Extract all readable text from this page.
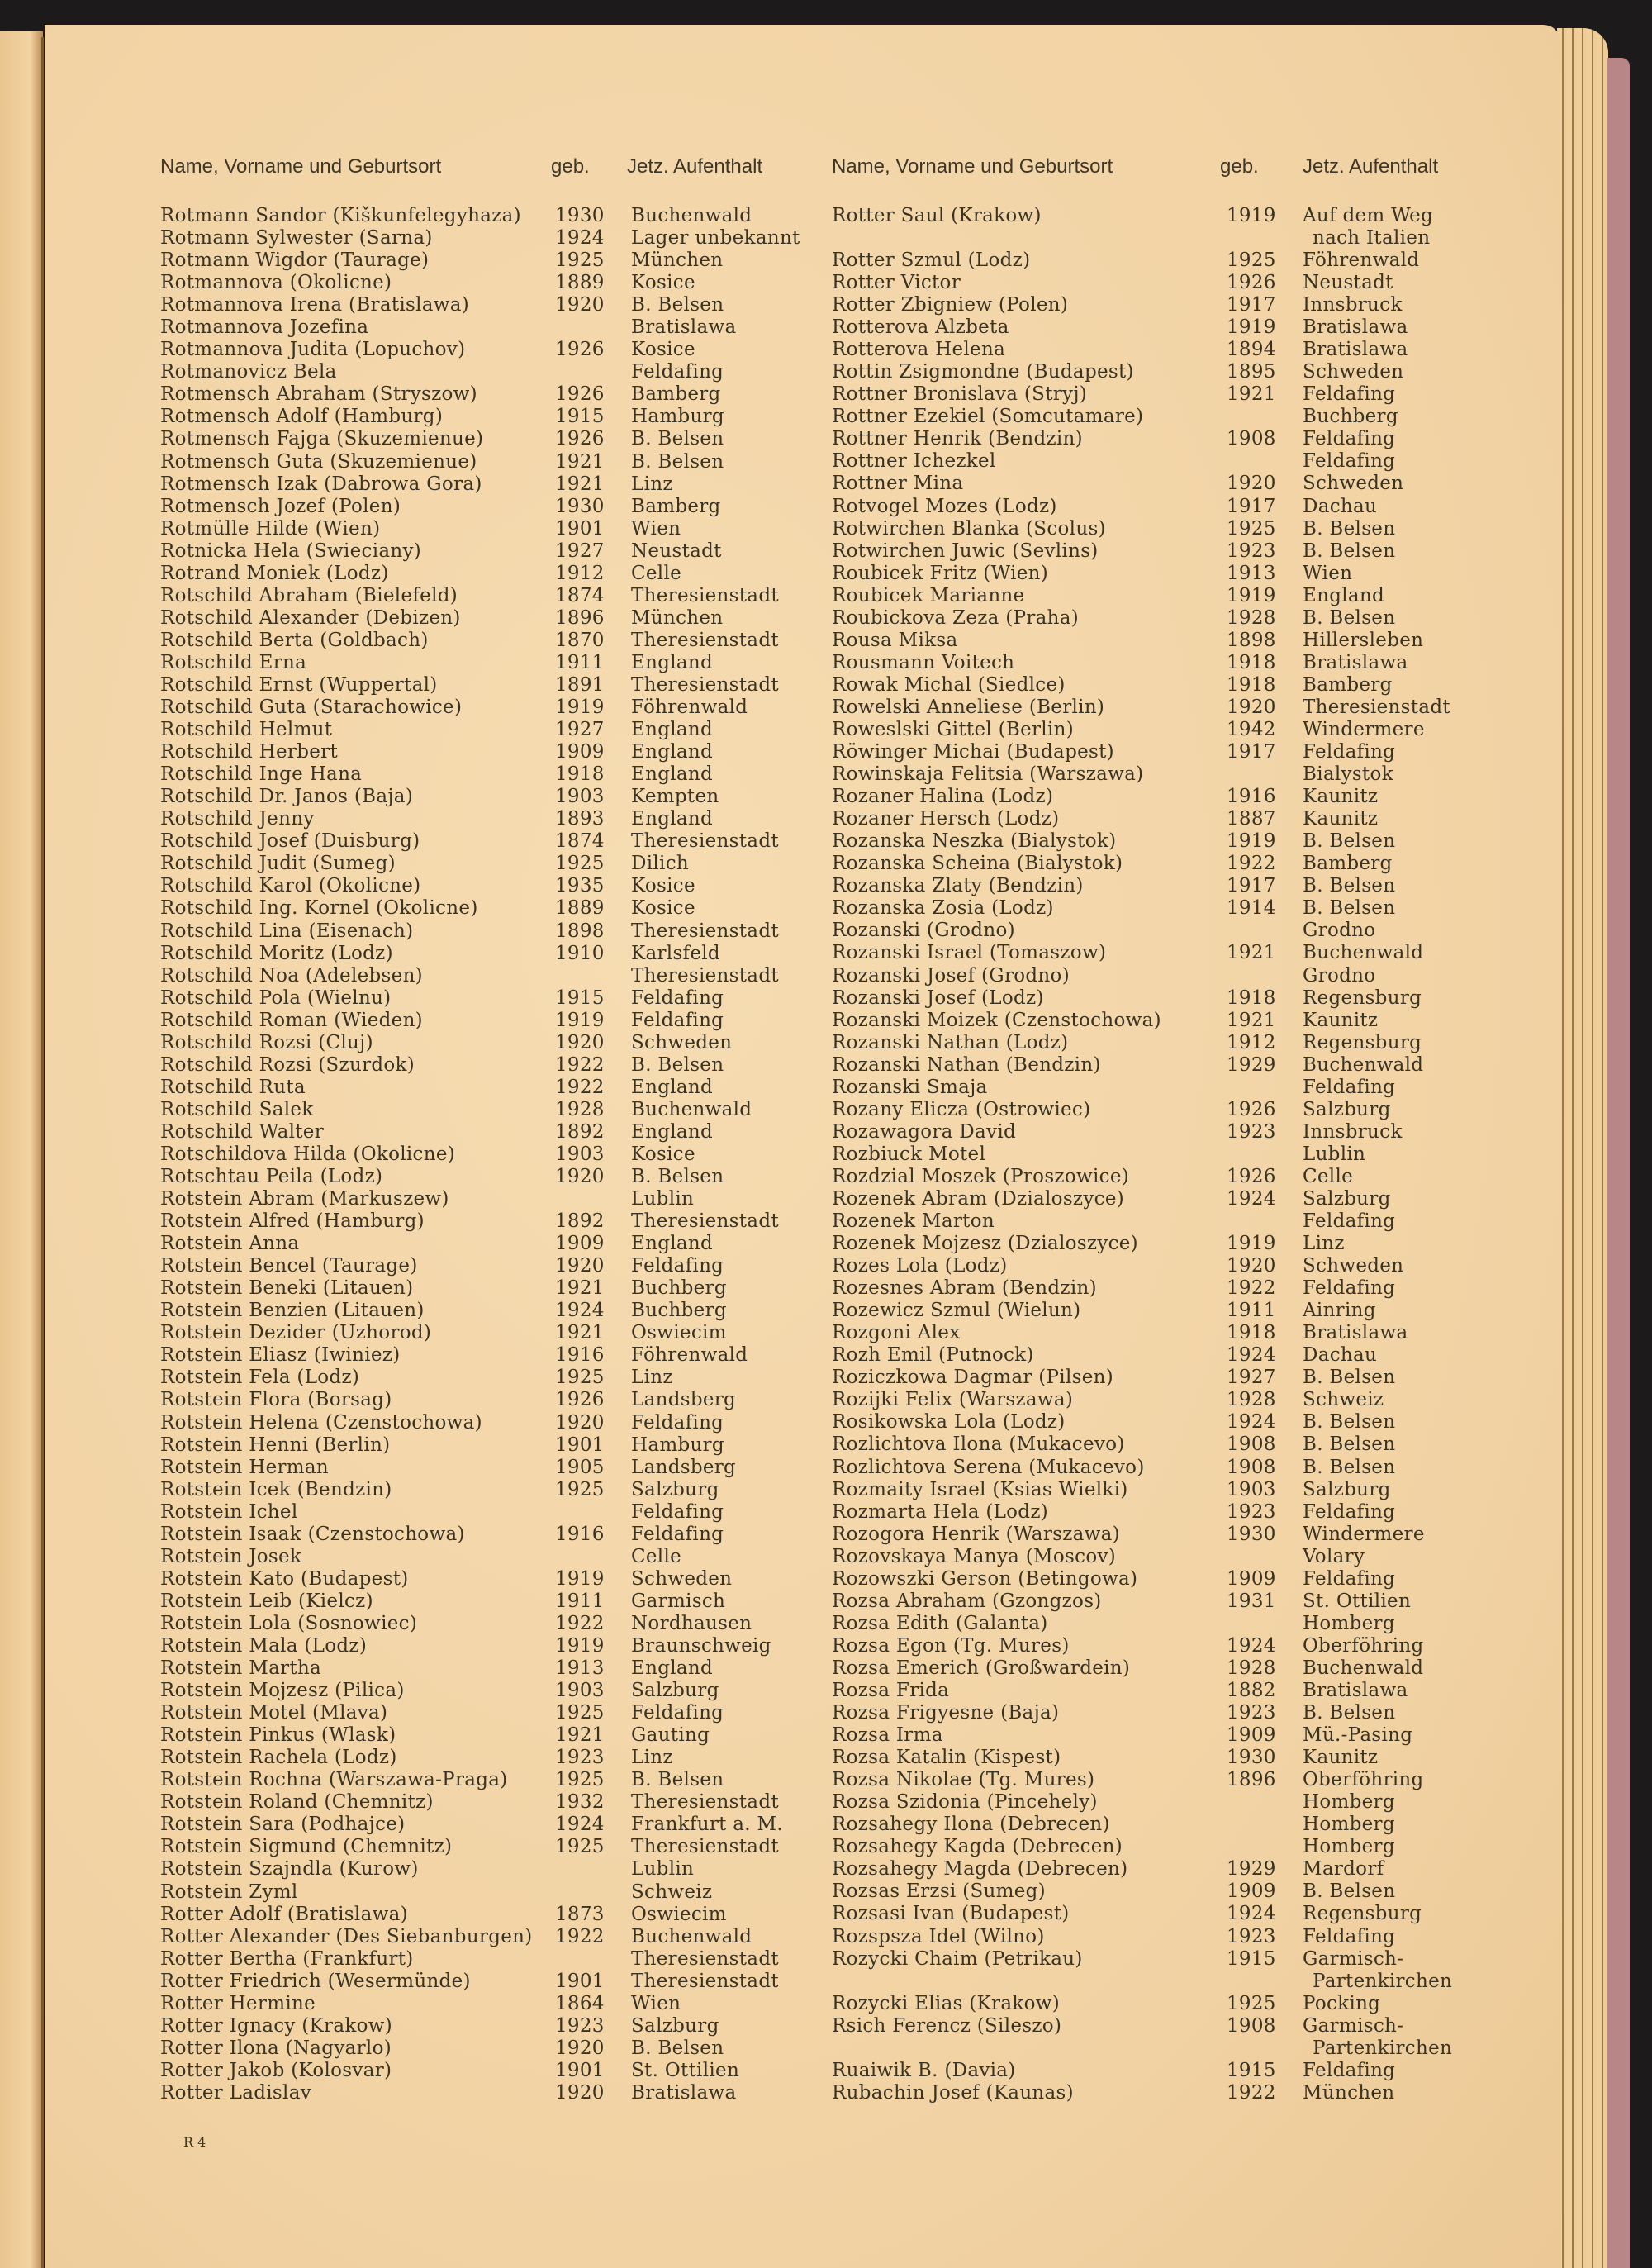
Name, Vorname und Geburtsort	geb. Jetz. Aufenthalt
Rotmann Sandor (Kiškunfelegyhaza) 1930 Buchenwald
Rotmann Sylwester (Sarna)	1924 Lager unbekannt
Rotmann Wigdor (Taurage)	1925 München
Rotmannova (Okolicne)	1889 Kosice
Rotmannova Irena (Bratislawa)	1920 B. Belsen
Rotmannova Jozefina	Bratislawa
Rotmannova Judita (Lopuchov)	1926 Kosice
Rotmanovicz Bela	Feldafing
Rotmensch Abraham (Stryszow)	1926 Bamberg
Rotmensch Adolf (Hamburg)	1915 Hamburg
Rotmensch Fajga (Skuzemienue)	1926 B. Belsen
Rotmensch Guta (Skuzemienue)	1921 B. Belsen
Rotmensch Izak (Dabrowa Gora)	1921 Linz
Rotmensch Jozef (Polen)	1930 Bamberg
Rotmülle Hilde (Wien)	1901 Wien
Rotnicka Hela (Swieciany)	1927 Neustadt
Rotrand Moniek (Lodz)	1912 Celle
Rotschild Abraham (Bielefeld)	1874 Theresienstadt
Rotschild Alexander (Debizen)	1896 München
Rotschild Berta (Goldbach)	1870 Theresienstadt
Rotschild Erna	1911 England
Rotschild Ernst (Wuppertal)	1891 Theresienstadt
Rotschild Guta (Starachowice)	1919 Föhrenwald
Rotschild Helmut	1927 England
Rotschild Herbert	1909 England
Rotschild Inge Hana	1918 England
Rotschild Dr. Janos (Baja)	1903 Kempten
Rotschild Jenny	1893 England
Rotschild Josef (Duisburg)	1874 Theresienstadt
Rotschild Judit (Sumeg)	1925 Dilich
Rotschild Karol (Okolicne)	1935 Kosice
Rotschild Ing. Kornel (Okolicne)	1889 Kosice
Rotschild Lina (Eisenach)	1898 Theresienstadt
Rotschild Moritz (Lodz)	1910 Karlsfeld
Rotschild Noa (Adelebsen)	Theresienstadt
Rotschild Pola (Wielnu)	1915 Feldafing
Rotschild Roman (Wieden)	1919 Feldafing
Rotschild Rozsi (Cluj)	1920 Schweden
Rotschild Rozsi (Szurdok)	1922 B. Belsen
Rotschild Ruta	1922 England
Rotschild Salek	1928 Buchenwald
Rotschild Walter	1892 England
Rotschildova Hilda (Okolicne)	1903 Kosice
Rotschtau Peila (Lodz)	1920 B. Belsen
Rotstein Abram (Markuszew)	Lublin
Rotstein Alfred (Hamburg)	1892 Theresienstadt
Rotstein Anna	1909 England
Rotstein Bencel (Taurage)	1920 Feldafing
Rotstein Beneki (Litauen)	1921 Buchberg
Rotstein Benzien (Litauen)	1924 Buchberg
Rotstein Dezider (Uzhorod)	1921 Oswiecim
Rotstein Eliasz (Iwiniez)	1916 Föhrenwald
Rotstein Fela (Lodz)	1925 Linz
Rotstein Flora (Borsag)	1926 Landsberg
Rotstein Helena (Czenstochowa)	1920 Feldafing
Rotstein Henni (Berlin)	1901 Hamburg
Rotstein Herman	1905 Landsberg
Rotstein Icek (Bendzin)	1925 Salzburg
Rotstein Ichel	Feldafing
Rotstein Isaak (Czenstochowa)	1916 Feldafing
Rotstein Josek	Celle
Rotstein Kato (Budapest)	1919 Schweden
Rotstein Leib (Kielcz)	1911 Garmisch
Rotstein Lola (Sosnowiec)	1922 Nordhausen
Rotstein Mala (Lodz)	1919 Braunschweig
Rotstein Martha	1913 England
Rotstein Mojzesz (Pilica)	1903 Salzburg
Rotstein Motel (Mlava)	1925 Feldafing
Rotstein Pinkus (Wlask)	1921 Gauting
Rotstein Rachela (Lodz)	1923 Linz
Rotstein Rochna (Warszawa-Praga) 1925 B. Belsen
Rotstein Roland (Chemnitz)	1932 Theresienstadt
Rotstein Sara (Podhajce)	1924 Frankfurt a. M.
Rotstein Sigmund (Chemnitz)	1925 Theresienstadt
Rotstein Szajndla (Kurow)	Lublin
Rotstein Zyml	Schweiz
Rotter Adolf (Bratislawa)	1873 Oswiecim
Rotter Alexander (Des Siebanburgen) 1922 Buchenwald
Rotter Bertha (Frankfurt)	Theresienstadt
Rotter Friedrich (Wesermünde)	1901 Theresienstadt
Rotter Hermine	1864 Wien
Rotter Ignacy (Krakow)	1923 Salzburg
Rotter Ilona (Nagyarlo)	1920 B. Belsen
Rotter Jakob (Kolosvar)	1901 St. Ottilien
Rotter Ladislav	1920 Bratislawa
Name, Vorname und Geburtsort	geb. Jetz. Aufenthalt
Rotter Saul (Krakow)	1919 Auf dem Weg
nach Italien
Rotter Szmul (Lodz)	1925 Föhrenwald
Rotter Victor	1926 Neustadt
Rotter Zbigniew (Polen)	1917 Innsbruck
Rotterova Alzbeta	1919 Bratislawa
Rotterova Helena	1894 Bratislawa
Rottin Zsigmondne (Budapest)	1895 Schweden
Rottner Bronislava (Stryj)	1921 Feldafing
Rottner Ezekiel (Somcutamare)	Buchberg
Rottner Henrik (Bendzin)	1908 Feldafing
Rottner Ichezkel	Feldafing
Rottner Mina	1920 Schweden
Rotvogel Mozes (Lodz)	1917 Dachau
Rotwirchen Blanka (Scolus)	1925 B. Belsen
Rotwirchen Juwic (Sevlins)	1923 B. Belsen
Roubicek Fritz (Wien)	1913 Wien
Roubicek Marianne	1919 England
Roubickova Zeza (Praha)	1928 B. Belsen
Rousa Miksa	1898 Hillersleben
Rousmann Voitech	1918 Bratislawa
Rowak Michal (Siedlce)	1918 Bamberg
Rowelski Anneliese (Berlin)	1920 Theresienstadt
Roweslski Gittel (Berlin)	1942 Windermere
Röwinger Michai (Budapest)	1917 Feldafing
Rowinskaja Felitsia (Warszawa)	Bialystok
Rozaner Halina (Lodz)	1916 Kaunitz
Rozaner Hersch (Lodz)	1887 Kaunitz
Rozanska Neszka (Bialystok)	1919 B. Belsen
Rozanska Scheina (Bialystok)	1922 Bamberg
Rozanska Zlaty (Bendzin)	1917 B. Belsen
Rozanska Zosia (Lodz)	1914 B. Belsen
Rozanski (Grodno)	Grodno
Rozanski Israel (Tomaszow)	1921 Buchenwald
Rozanski Josef (Grodno)	Grodno
Rozanski Josef (Lodz)	1918 Regensburg
Rozanski Moizek (Czenstochowa)	1921 Kaunitz
Rozanski Nathan (Lodz)	1912 Regensburg
Rozanski Nathan (Bendzin)	1929 Buchenwald
Rozanski Smaja	Feldafing
Rozany Elicza (Ostrowiec)	1926 Salzburg
Rozawagora David	1923 Innsbruck
Rozbiuck Motel	Lublin
Rozdzial Moszek (Proszowice)	1926 Celle
Rozenek Abram (Dzialoszyce)	1924 Salzburg
Rozenek Marton	Feldafing
Rozenek Mojzesz (Dzialoszyce)	1919 Linz
Rozes Lola (Lodz)	1920 Schweden
Rozesnes Abram (Bendzin)	1922 Feldafing
Rozewicz Szmul (Wielun)	1911 Ainring
Rozgoni Alex	1918 Bratislawa
Rozh Emil (Putnock)	1924 Dachau
Roziczkowa Dagmar (Pilsen)	1927 B. Belsen
Rozijki Felix (Warszawa)	1928 Schweiz
Rosikowska Lola (Lodz)	1924 B. Belsen
Rozlichtova Ilona (Mukacevo)	1908 B. Belsen
Rozlichtova Serena (Mukacevo)	1908 B. Belsen
Rozmaity Israel (Ksias Wielki)	1903 Salzburg
Rozmarta Hela (Lodz)	1923 Feldafing
Rozogora Henrik (Warszawa)	1930 Windermere
Rozovskaya Manya (Moscov)	Volary
Rozowszki Gerson (Betingowa)	1909 Feldafing
Rozsa Abraham (Gzongzos)	1931 St. Ottilien
Rozsa Edith (Galanta)	Homberg
Rozsa Egon (Tg. Mures)	1924 Oberföhring
Rozsa Emerich (Großwardein)	1928 Buchenwald
Rozsa Frida	1882 Bratislawa
Rozsa Frigyesne (Baja)	1923 B. Belsen
Rozsa Irma	1909 Mü.-Pasing
Rozsa Katalin (Kispest)	1930 Kaunitz
Rozsa Nikolae (Tg. Mures)	1896 Oberföhring
Rozsa Szidonia (Pincehely)	Homberg
Rozsahegy Ilona (Debrecen)	Homberg
Rozsahegy Kagda (Debrecen)	Homberg
Rozsahegy Magda (Debrecen)	1929 Mardorf
Rozsas Erzsi (Sumeg)	1909 B. Belsen
Rozsasi Ivan (Budapest)	1924 Regensburg
Rozspsza Idel (Wilno)	1923 Feldafing
Rozycki Chaim (Petrikau)	1915 Garmisch-
Partenkirchen
Rozycki Elias (Krakow)	1925 Pocking
Rsich Ferencz (Sileszo)	1908 Garmisch-
Partenkirchen
Ruaiwik B. (Davia)	1915 Feldafing
Rubachin Josef (Kaunas)	1922 München
R 4
